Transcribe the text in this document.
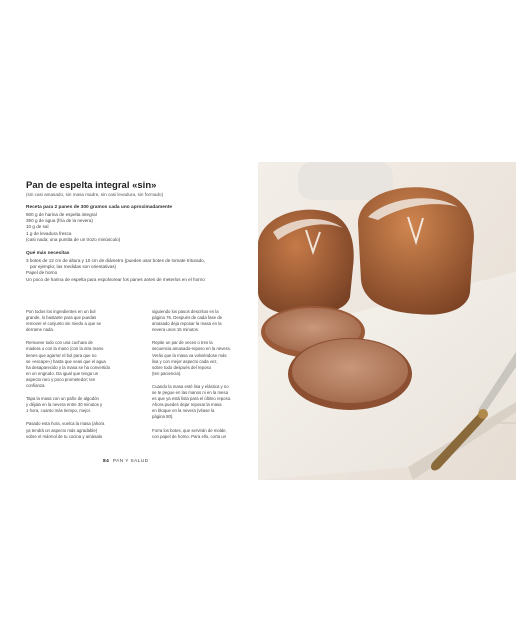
Pan de espelta integral «sin»
(sin casi amasado, sin masa madre, sin casi levadura, sin formado)
Receta para 2 panes de 300 gramos cada uno aproximadamente
500 g de harina de espelta integral
350 g de agua (fría de la nevera)
10 g de sal
1 g de levadura fresca
(casi nada; una puntita de un trozo minúsculo)
Qué más necesitas
3 botes de 12 cm de altura y 10 cm de diámetro (puedes usar botes de tomate triturado,
por ejemplo; las medidas son orientativas)
Papel de horno
Un poco de harina de espelta para espolvorear los panes antes de meterlos en el horno
Pon todos los ingredientes en un bol
grande, lo bastante para que puedas
remover el conjunto sin miedo a que se
derrame nada.
Remueve todo con una cuchara de
madera o con la mano (con la otra mano
tienes que agarrar el bol para que no
se «escape») hasta que veas que el agua
ha desaparecido y la masa se ha convertido
en un engrudo. Da igual que tenga un
aspecto raro y poco prometedor; ten
confianza.
Tapa la masa con un paño de algodón
y déjala en la nevera entre 30 minutos y
1 hora, cuanto más tiempo, mejor.
Pasado esta hora, vuelca la masa (ahora
ya tendrá un aspecto más agradable)
sobre el mármol de tu cocina y amásala
siguiendo los pasos descritos en la
página 76. Después de cada fase de
amasado deja reposar la masa en la
nevera unos 15 minutos.
Repite un par de veces o tres la
secuencia amasado-reposo en la nevera.
Verás que la masa va volviéndose más
lisa y con mejor aspecto cada vez,
sobre todo después del reposo
(ten paciencia).
Cuando la masa esté lisa y elástica y no
se te pegue en las manos ni en la mesa
es que ya está lista para el último reposo.
Ahora puedes dejar reposar la masa
en bloque en la nevera (véase la
página 80).
Forra los botes, que servirán de molde,
con papel de horno. Para ello, corta un
84 PAN Y SALUD
